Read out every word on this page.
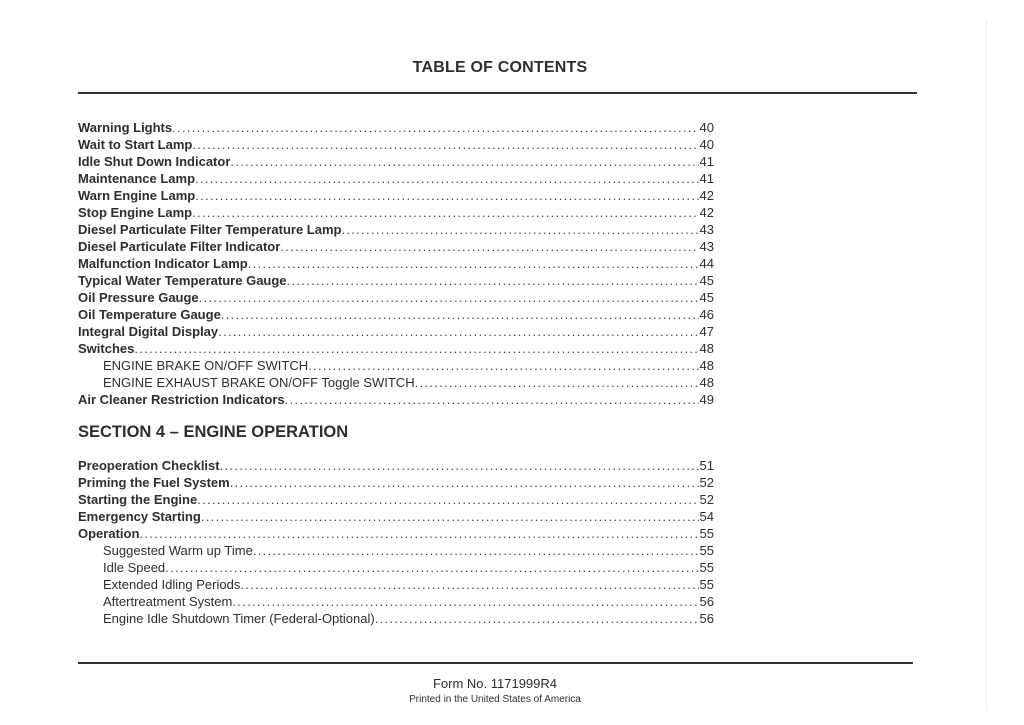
TABLE OF CONTENTS
Warning Lights .....	40
Wait to Start Lamp .....	40
Idle Shut Down Indicator .....	41
Maintenance Lamp .....	41
Warn Engine Lamp .....	42
Stop Engine Lamp .....	42
Diesel Particulate Filter Temperature Lamp .....	43
Diesel Particulate Filter Indicator .....	43
Malfunction Indicator Lamp .....	44
Typical Water Temperature Gauge .....	45
Oil Pressure Gauge .....	45
Oil Temperature Gauge .....	46
Integral Digital Display .....	47
Switches .....	48
ENGINE BRAKE ON/OFF SWITCH .....	48
ENGINE EXHAUST BRAKE ON/OFF Toggle SWITCH .....	48
Air Cleaner Restriction Indicators .....	49
SECTION 4 – ENGINE OPERATION
Preoperation Checklist .....	51
Priming the Fuel System .....	52
Starting the Engine .....	52
Emergency Starting .....	54
Operation .....	55
Suggested Warm up Time .....	55
Idle Speed .....	55
Extended Idling Periods .....	55
Aftertreatment System .....	56
Engine Idle Shutdown Timer (Federal-Optional) .....	56
Form No. 1171999R4
Printed in the United States of America
